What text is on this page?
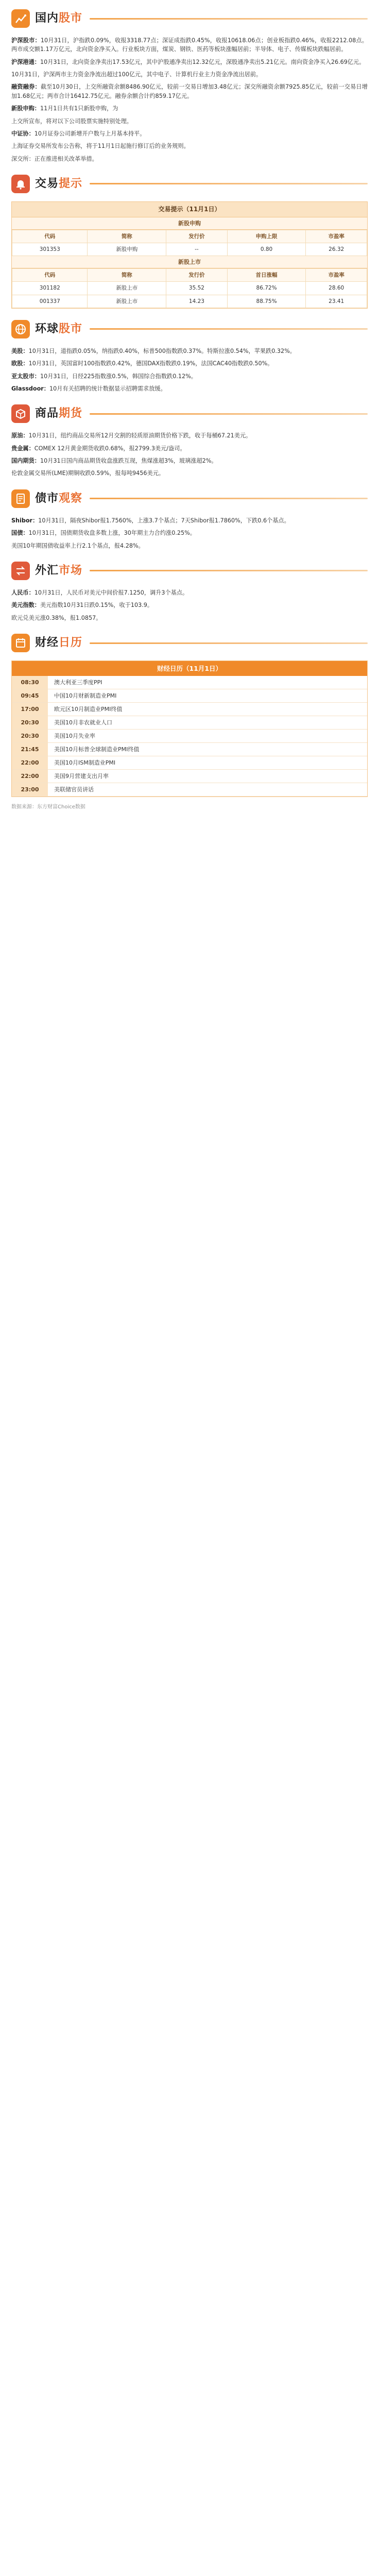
国内股市

沪深股市：10月31日，沪指跌0.09%，收报3318.77点；深证成指跌0.45%，收报10618.06点；创业板指跌0.46%，收报2212.08点。两市成交额1.17万亿元，北向资金净买入。行业板块方面，煤炭、钢铁、医药等板块涨幅居前；半导体、电子、传媒板块跌幅居前。

沪深港通：10月31日，北向资金净卖出17.53亿元，其中沪股通净卖出12.32亿元，深股通净卖出5.21亿元。南向资金净买入26.69亿元。

10月31日，沪深两市主力资金净流出超过100亿元，其中电子、计算机行业主力资金净流出居前。

融资融券：截至10月30日，上交所融资余额8486.90亿元，较前一交易日增加3.48亿元；深交所融资余额7925.85亿元，较前一交易日增加1.68亿元；两市合计16412.75亿元。融券余额合计约859.17亿元。

新股申购：11月1日共有1只新股申购，为

上交所宣布，将对以下公司股票实施特别处理。

中证协：10月证券公司新增开户数与上月基本持平。

上海证券交易所发布公告称，将于11月1日起施行修订后的业务规则。

深交所：正在推进相关改革举措。

交易提示
交易提示（11月1日）
新股申购
代码	简称	发行价	申购上限	市盈率
301353	新股申购	--	0.80	26.32
新股上市
代码	简称	发行价	首日涨幅	市盈率
301182	新股上市	35.52	86.72%	28.60
001337	新股上市	14.23	88.75%	23.41
环球股市

美股：10月31日，道指跌0.05%，纳指跌0.40%，标普500指数跌0.37%。特斯拉涨0.54%，苹果跌0.32%。

欧股：10月31日，英国富时100指数跌0.42%，德国DAX指数跌0.19%，法国CAC40指数跌0.50%。

亚太股市：10月31日，日经225指数涨0.5%，韩国综合指数跌0.12%。

Glassdoor：10月有关招聘的统计数据显示招聘需求放缓。

商品期货

原油：10月31日，纽约商品交易所12月交割的轻质原油期货价格下跌，收于每桶67.21美元。

贵金属：COMEX 12月黄金期货收跌0.68%，报2799.3美元/盎司。

国内期货：10月31日国内商品期货收盘涨跌互现，焦煤涨超3%，玻璃涨超2%。

伦敦金属交易所(LME)期铜收跌0.59%，报每吨9456美元。

债市观察

Shibor：10月31日，隔夜Shibor报1.7560%，上涨3.7个基点；7天Shibor报1.7860%，下跌0.6个基点。

国债：10月31日，国债期货收盘多数上涨，30年期主力合约涨0.25%。

美国10年期国债收益率上行2.1个基点，报4.28%。

外汇市场

人民币：10月31日，人民币对美元中间价报7.1250，调升3个基点。

美元指数：美元指数10月31日跌0.15%，收于103.9。

欧元兑美元涨0.38%，报1.0857。

财经日历
财经日历（11月1日）
08:30	澳大利亚三季度PPI
09:45	中国10月财新制造业PMI
17:00	欧元区10月制造业PMI终值
20:30	美国10月非农就业人口
20:30	美国10月失业率
21:45	美国10月标普全球制造业PMI终值
22:00	美国10月ISM制造业PMI
22:00	美国9月营建支出月率
23:00	美联储官员讲话
数据来源：东方财富Choice数据
